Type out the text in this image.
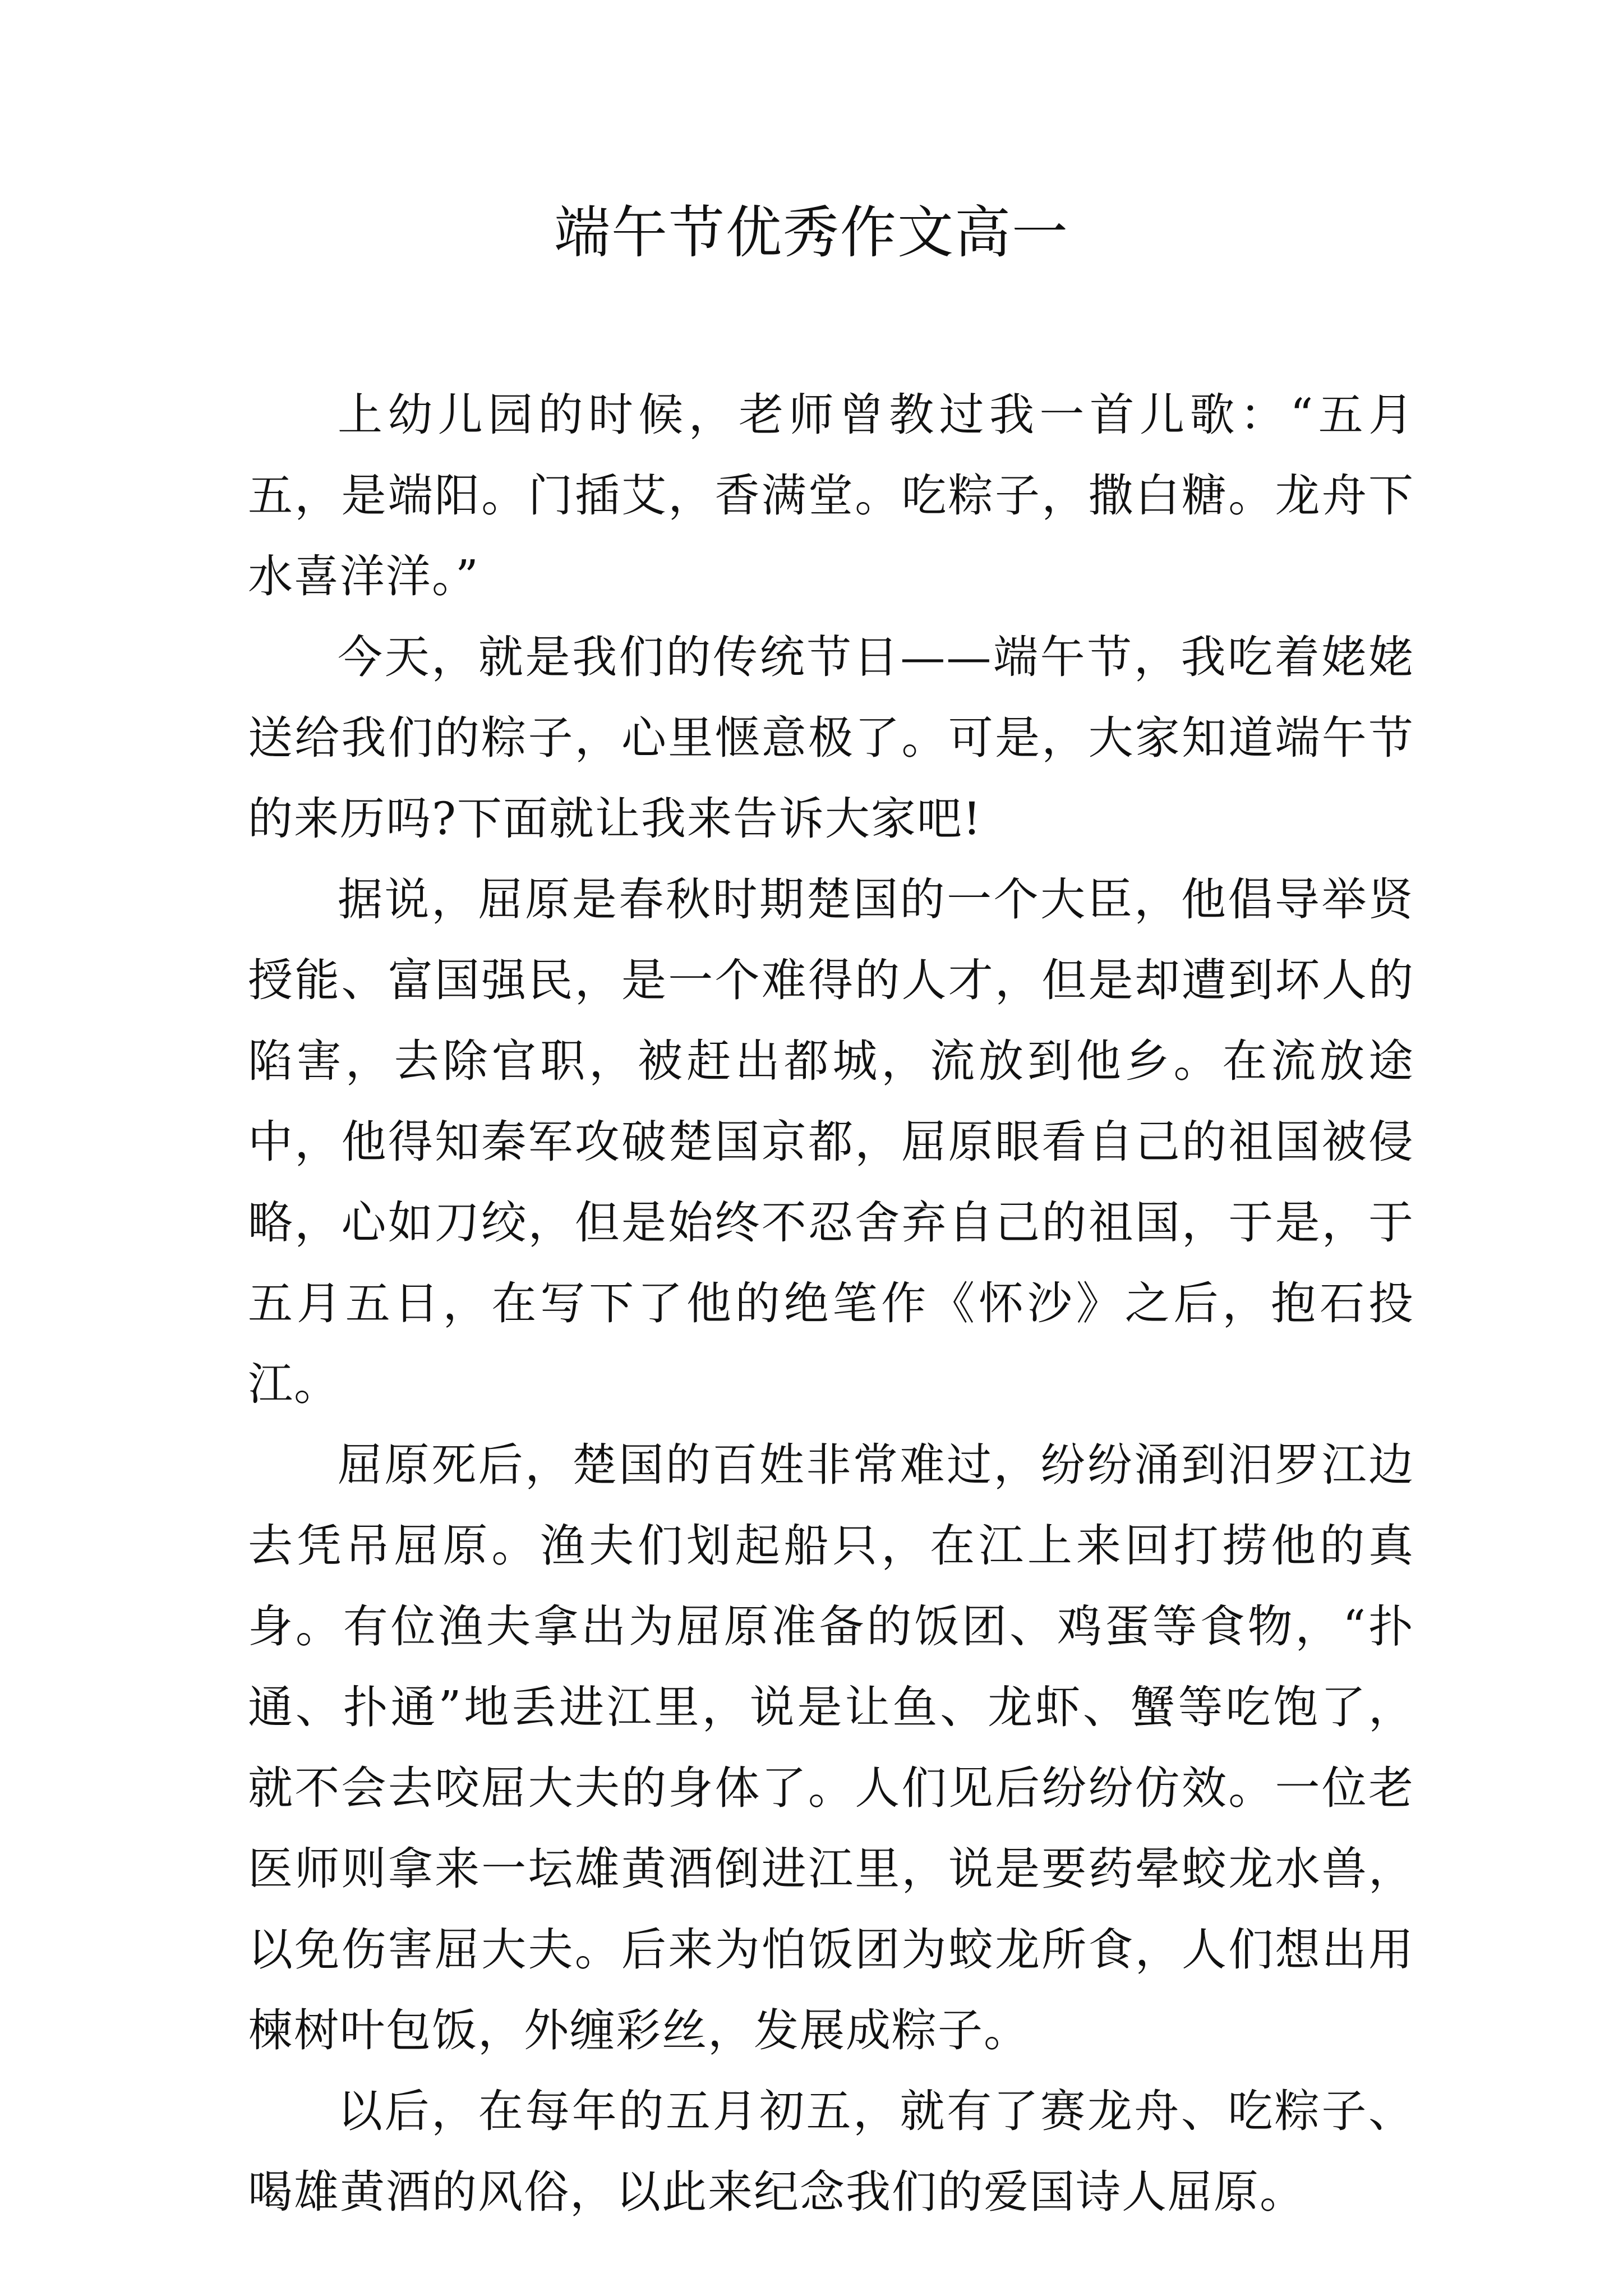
端午节优秀作文高一

上幼儿园的时候，老师曾教过我一首儿歌：“五月五，是端阳。门插艾，香满堂。吃粽子，撒白糖。龙舟下水喜洋洋。”

今天，就是我们的传统节日——端午节，我吃着姥姥送给我们的粽子，心里惬意极了。可是，大家知道端午节的来历吗?下面就让我来告诉大家吧!

据说，屈原是春秋时期楚国的一个大臣，他倡导举贤授能、富国强民，是一个难得的人才，但是却遭到坏人的陷害，去除官职，被赶出都城，流放到他乡。在流放途中，他得知秦军攻破楚国京都，屈原眼看自己的祖国被侵略，心如刀绞，但是始终不忍舍弃自己的祖国，于是，于五月五日，在写下了他的绝笔作《怀沙》之后，抱石投江。

屈原死后，楚国的百姓非常难过，纷纷涌到汨罗江边去凭吊屈原。渔夫们划起船只，在江上来回打捞他的真身。有位渔夫拿出为屈原准备的饭团、鸡蛋等食物，“扑通、扑通”地丢进江里，说是让鱼、龙虾、蟹等吃饱了，就不会去咬屈大夫的身体了。人们见后纷纷仿效。一位老医师则拿来一坛雄黄酒倒进江里，说是要药晕蛟龙水兽，以免伤害屈大夫。后来为怕饭团为蛟龙所食，人们想出用楝树叶包饭，外缠彩丝，发展成粽子。

以后，在每年的五月初五，就有了赛龙舟、吃粽子、喝雄黄酒的风俗，以此来纪念我们的爱国诗人屈原。
